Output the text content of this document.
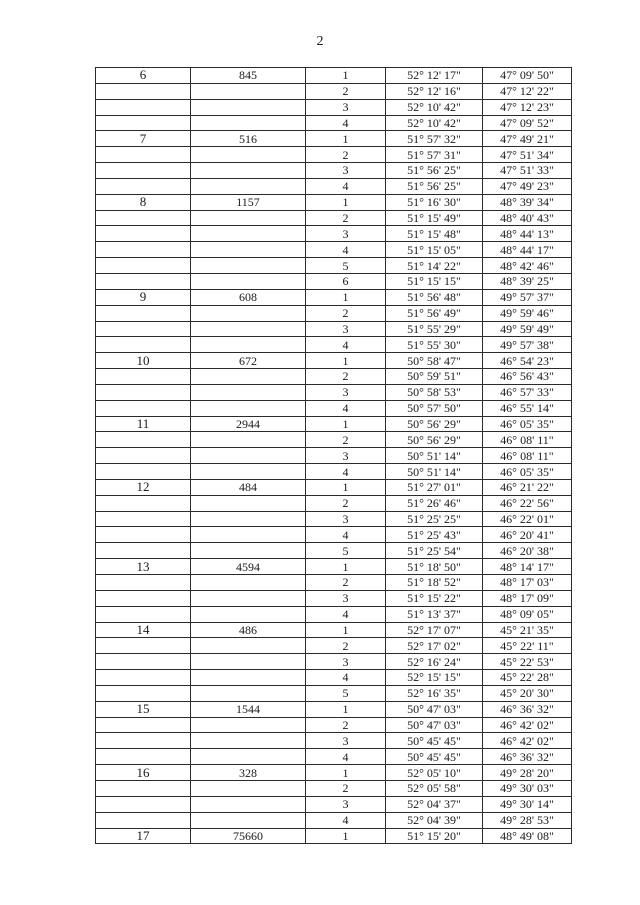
2
6	845	1	52° 12' 17"	47° 09' 50"
		2	52° 12' 16"	47° 12' 22"
		3	52° 10' 42"	47° 12' 23"
		4	52° 10' 42"	47° 09' 52"
7	516	1	51° 57' 32"	47° 49' 21"
		2	51° 57' 31"	47° 51' 34"
		3	51° 56' 25"	47° 51' 33"
		4	51° 56' 25"	47° 49' 23"
8	1157	1	51° 16' 30"	48° 39' 34"
		2	51° 15' 49"	48° 40' 43"
		3	51° 15' 48"	48° 44' 13"
		4	51° 15' 05"	48° 44' 17"
		5	51° 14' 22"	48° 42' 46"
		6	51° 15' 15"	48° 39' 25"
9	608	1	51° 56' 48"	49° 57' 37"
		2	51° 56' 49"	49° 59' 46"
		3	51° 55' 29"	49° 59' 49"
		4	51° 55' 30"	49° 57' 38"
10	672	1	50° 58' 47"	46° 54' 23"
		2	50° 59' 51"	46° 56' 43"
		3	50° 58' 53"	46° 57' 33"
		4	50° 57' 50"	46° 55' 14"
11	2944	1	50° 56' 29"	46° 05' 35"
		2	50° 56' 29"	46° 08' 11"
		3	50° 51' 14"	46° 08' 11"
		4	50° 51' 14"	46° 05' 35"
12	484	1	51° 27' 01"	46° 21' 22"
		2	51° 26' 46"	46° 22' 56"
		3	51° 25' 25"	46° 22' 01"
		4	51° 25' 43"	46° 20' 41"
		5	51° 25' 54"	46° 20' 38"
13	4594	1	51° 18' 50"	48° 14' 17"
		2	51° 18' 52"	48° 17' 03"
		3	51° 15' 22"	48° 17' 09"
		4	51° 13' 37"	48° 09' 05"
14	486	1	52° 17' 07"	45° 21' 35"
		2	52° 17' 02"	45° 22' 11"
		3	52° 16' 24"	45° 22' 53"
		4	52° 15' 15"	45° 22' 28"
		5	52° 16' 35"	45° 20' 30"
15	1544	1	50° 47' 03"	46° 36' 32"
		2	50° 47' 03"	46° 42' 02"
		3	50° 45' 45"	46° 42' 02"
		4	50° 45' 45"	46° 36' 32"
16	328	1	52° 05' 10"	49° 28' 20"
		2	52° 05' 58"	49° 30' 03"
		3	52° 04' 37"	49° 30' 14"
		4	52° 04' 39"	49° 28' 53"
17	75660	1	51° 15' 20"	48° 49' 08"
